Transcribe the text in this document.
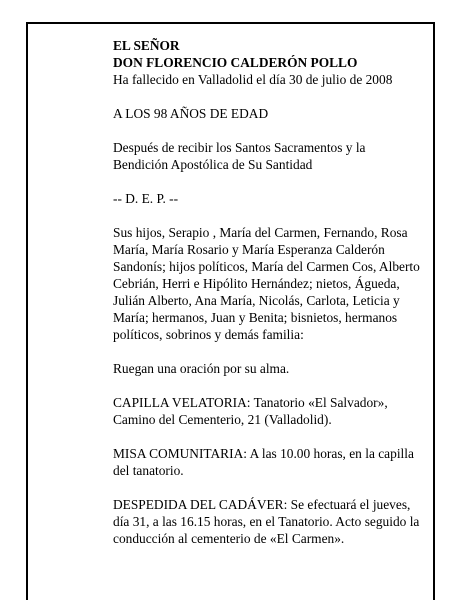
EL SEÑOR

DON FLORENCIO CALDERÓN POLLO

Ha fallecido en Valladolid el día 30 de julio de 2008

A LOS 98 AÑOS DE EDAD

Después de recibir los Santos Sacramentos y la Bendición Apostólica de Su Santidad

-- D. E. P. --

Sus hijos, Serapio , María del Carmen, Fernando, Rosa María, María Rosario y María Esperanza Calderón Sandonís; hijos políticos, María del Carmen Cos, Alberto Cebrián, Herri e Hipólito Hernández; nietos, Águeda, Julián Alberto, Ana María, Nicolás, Carlota, Leticia y María; hermanos, Juan y Benita; bisnietos, hermanos políticos, sobrinos y demás familia:

Ruegan una oración por su alma.

CAPILLA VELATORIA: Tanatorio «El Salvador», Camino del Cementerio, 21 (Valladolid).

MISA COMUNITARIA: A las 10.00 horas, en la capilla del tanatorio.

DESPEDIDA DEL CADÁVER: Se efectuará el jueves, día 31, a las 16.15 horas, en el Tanatorio. Acto seguido la conducción al cementerio de «El Carmen».
